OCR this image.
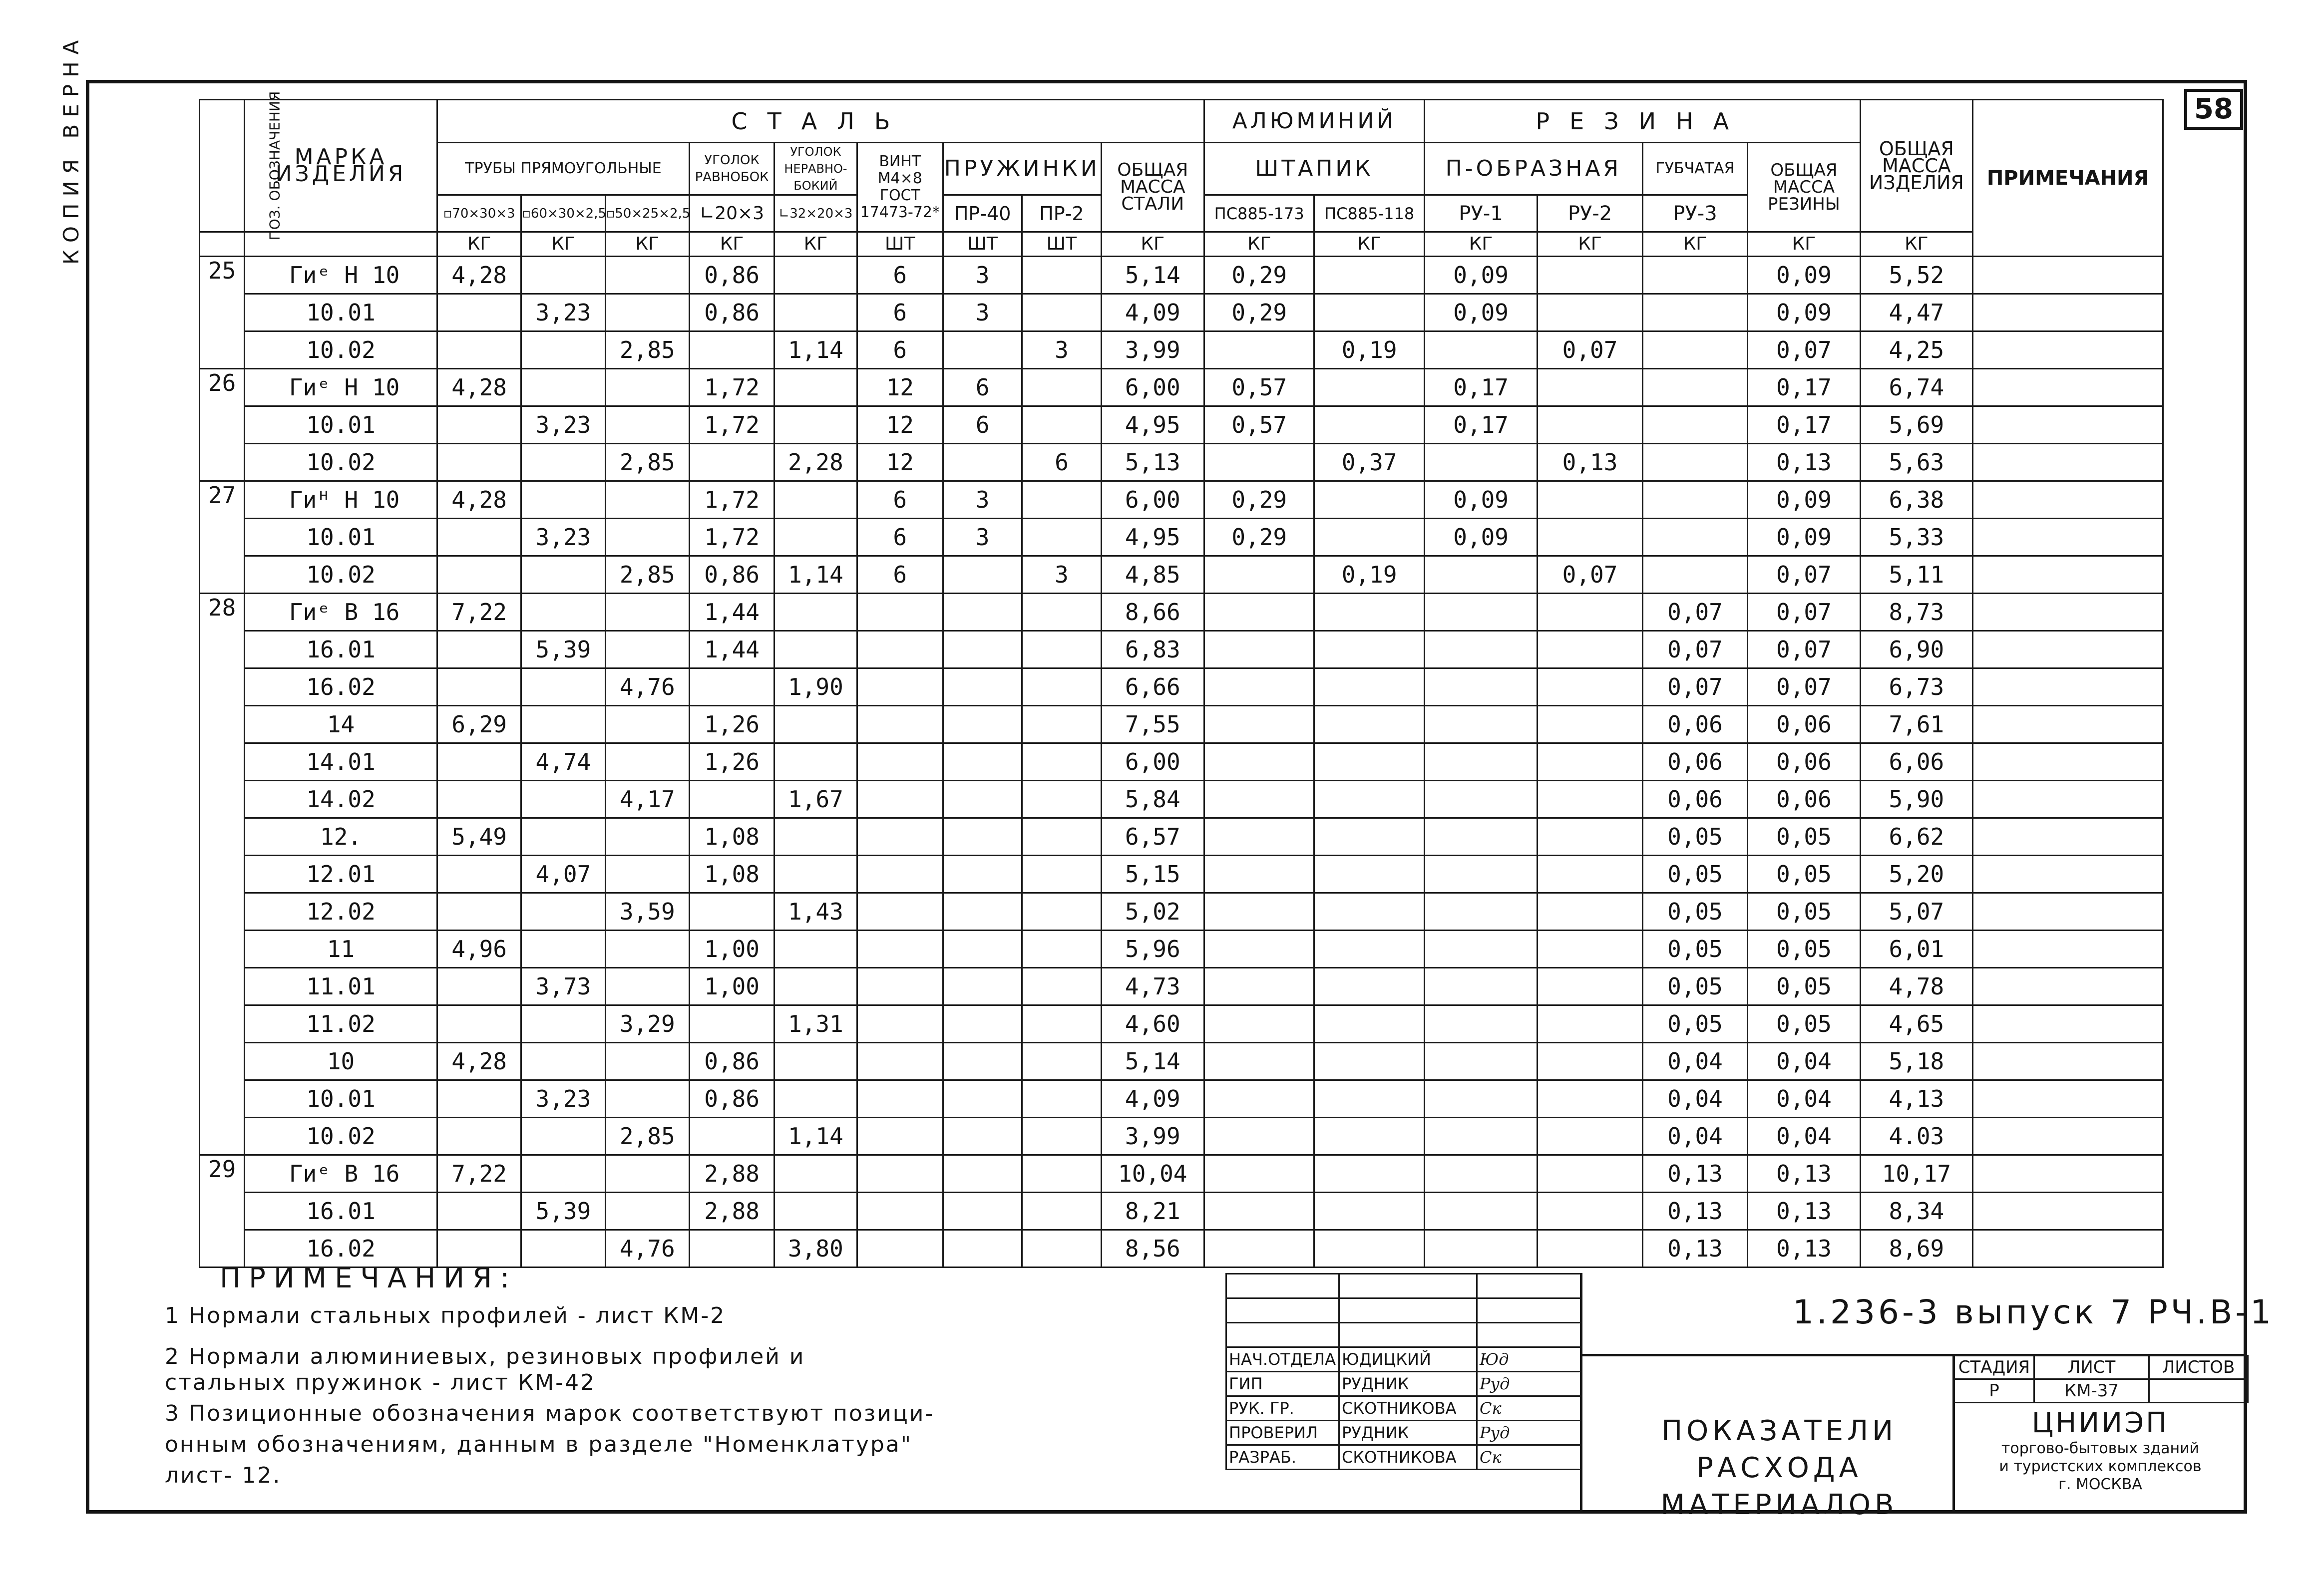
КОПИЯ ВЕРНА	58
ПОЗ. ОБОЗНАЧЕНИЯ	МАРКА ИЗДЕЛИЯ	СТАЛЬ									АЛЮМИНИЙ		РЕЗИНА				ОБЩАЯ МАССА ИЗДЕЛИЯ	ПРИМЕЧАНИЯ
		ТРУБЫ ПРЯМОУГОЛЬНЫЕ			УГОЛОК РАВНОБОК	УГОЛОК НЕРАВНО-БОКИЙ	ВИНТ М4×8 ГОСТ 17473-72*	ПРУЖИНКИ		ОБЩАЯ МАССА СТАЛИ	ШТАПИК		П-ОБРАЗНАЯ		ГУБЧАТАЯ	ОБЩАЯ МАССА РЕЗИНЫ		
		▫70×30×3	▫60×30×2,5	▫50×25×2,5	∟20×3	∟32×20×3		ПР-40	ПР-2		ПС885-173	ПС885-118	РУ-1	РУ-2	РУ-3			
		КГ	КГ	КГ	КГ	КГ	ШТ	ШТ	ШТ	КГ	КГ	КГ	КГ	КГ	КГ	КГ	КГ	
25	Гиᵉ Н 10	4,28			0,86		6	3		5,14	0,29		0,09			0,09	5,52	
	10.01		3,23		0,86		6	3		4,09	0,29		0,09			0,09	4,47	
	10.02			2,85		1,14	6		3	3,99		0,19		0,07		0,07	4,25	
26	Гиᵉ Н 10	4,28			1,72		12	6		6,00	0,57		0,17			0,17	6,74	
	10.01		3,23		1,72		12	6		4,95	0,57		0,17			0,17	5,69	
	10.02			2,85		2,28	12		6	5,13		0,37		0,13		0,13	5,63	
27	Гиᴴ Н 10	4,28			1,72		6	3		6,00	0,29		0,09			0,09	6,38	
	10.01		3,23		1,72		6	3		4,95	0,29		0,09			0,09	5,33	
	10.02			2,85	0,86	1,14	6		3	4,85		0,19		0,07		0,07	5,11	
28	Гиᵉ В 16	7,22			1,44					8,66					0,07	0,07	8,73	
	16.01		5,39		1,44					6,83					0,07	0,07	6,90	
	16.02			4,76		1,90				6,66					0,07	0,07	6,73	
	14	6,29			1,26					7,55					0,06	0,06	7,61	
	14.01		4,74		1,26					6,00					0,06	0,06	6,06	
	14.02			4,17		1,67				5,84					0,06	0,06	5,90	
	12.	5,49			1,08					6,57					0,05	0,05	6,62	
	12.01		4,07		1,08					5,15					0,05	0,05	5,20	
	12.02			3,59		1,43				5,02					0,05	0,05	5,07	
	11	4,96			1,00					5,96					0,05	0,05	6,01	
	11.01		3,73		1,00					4,73					0,05	0,05	4,78	
	11.02			3,29		1,31				4,60					0,05	0,05	4,65	
	10	4,28			0,86					5,14					0,04	0,04	5,18	
	10.01		3,23		0,86					4,09					0,04	0,04	4,13	
	10.02			2,85		1,14				3,99					0,04	0,04	4.03	
29	Гиᵉ В 16	7,22			2,88					10,04					0,13	0,13	10,17	
	16.01		5,39		2,88					8,21					0,13	0,13	8,34	
	16.02			4,76		3,80				8,56					0,13	0,13	8,69	
ПРИМЕЧАНИЯ:
1 Нормали стальных профилей - лист КМ-2
2 Нормали алюминиевых, резиновых профилей и
стальных пружинок - лист КМ-42
3 Позиционные обозначения марок соответствуют позици-
онным обозначениям, данным в разделе "Номенклатура"
лист- 12.

НАЧ.ОТДЕЛА	ЮДИЦКИЙ	Юд
ГИП	РУДНИК	Руд
РУК. ГР.	СКОТНИКОВА	Ск
ПРОВЕРИЛ	РУДНИК	Руд
РАЗРАБ.	СКОТНИКОВА	Ск
1.236-3 выпуск 7 РЧ.В-1
ПОКАЗАТЕЛИ РАСХОДА
МАТЕРИАЛОВ
СТАДИЯ	ЛИСТ	ЛИСТОВ
Р	КМ-37	
ЦНИИЭП
торгово-бытовых зданий
и туристских комплексов
г. МОСКВА
